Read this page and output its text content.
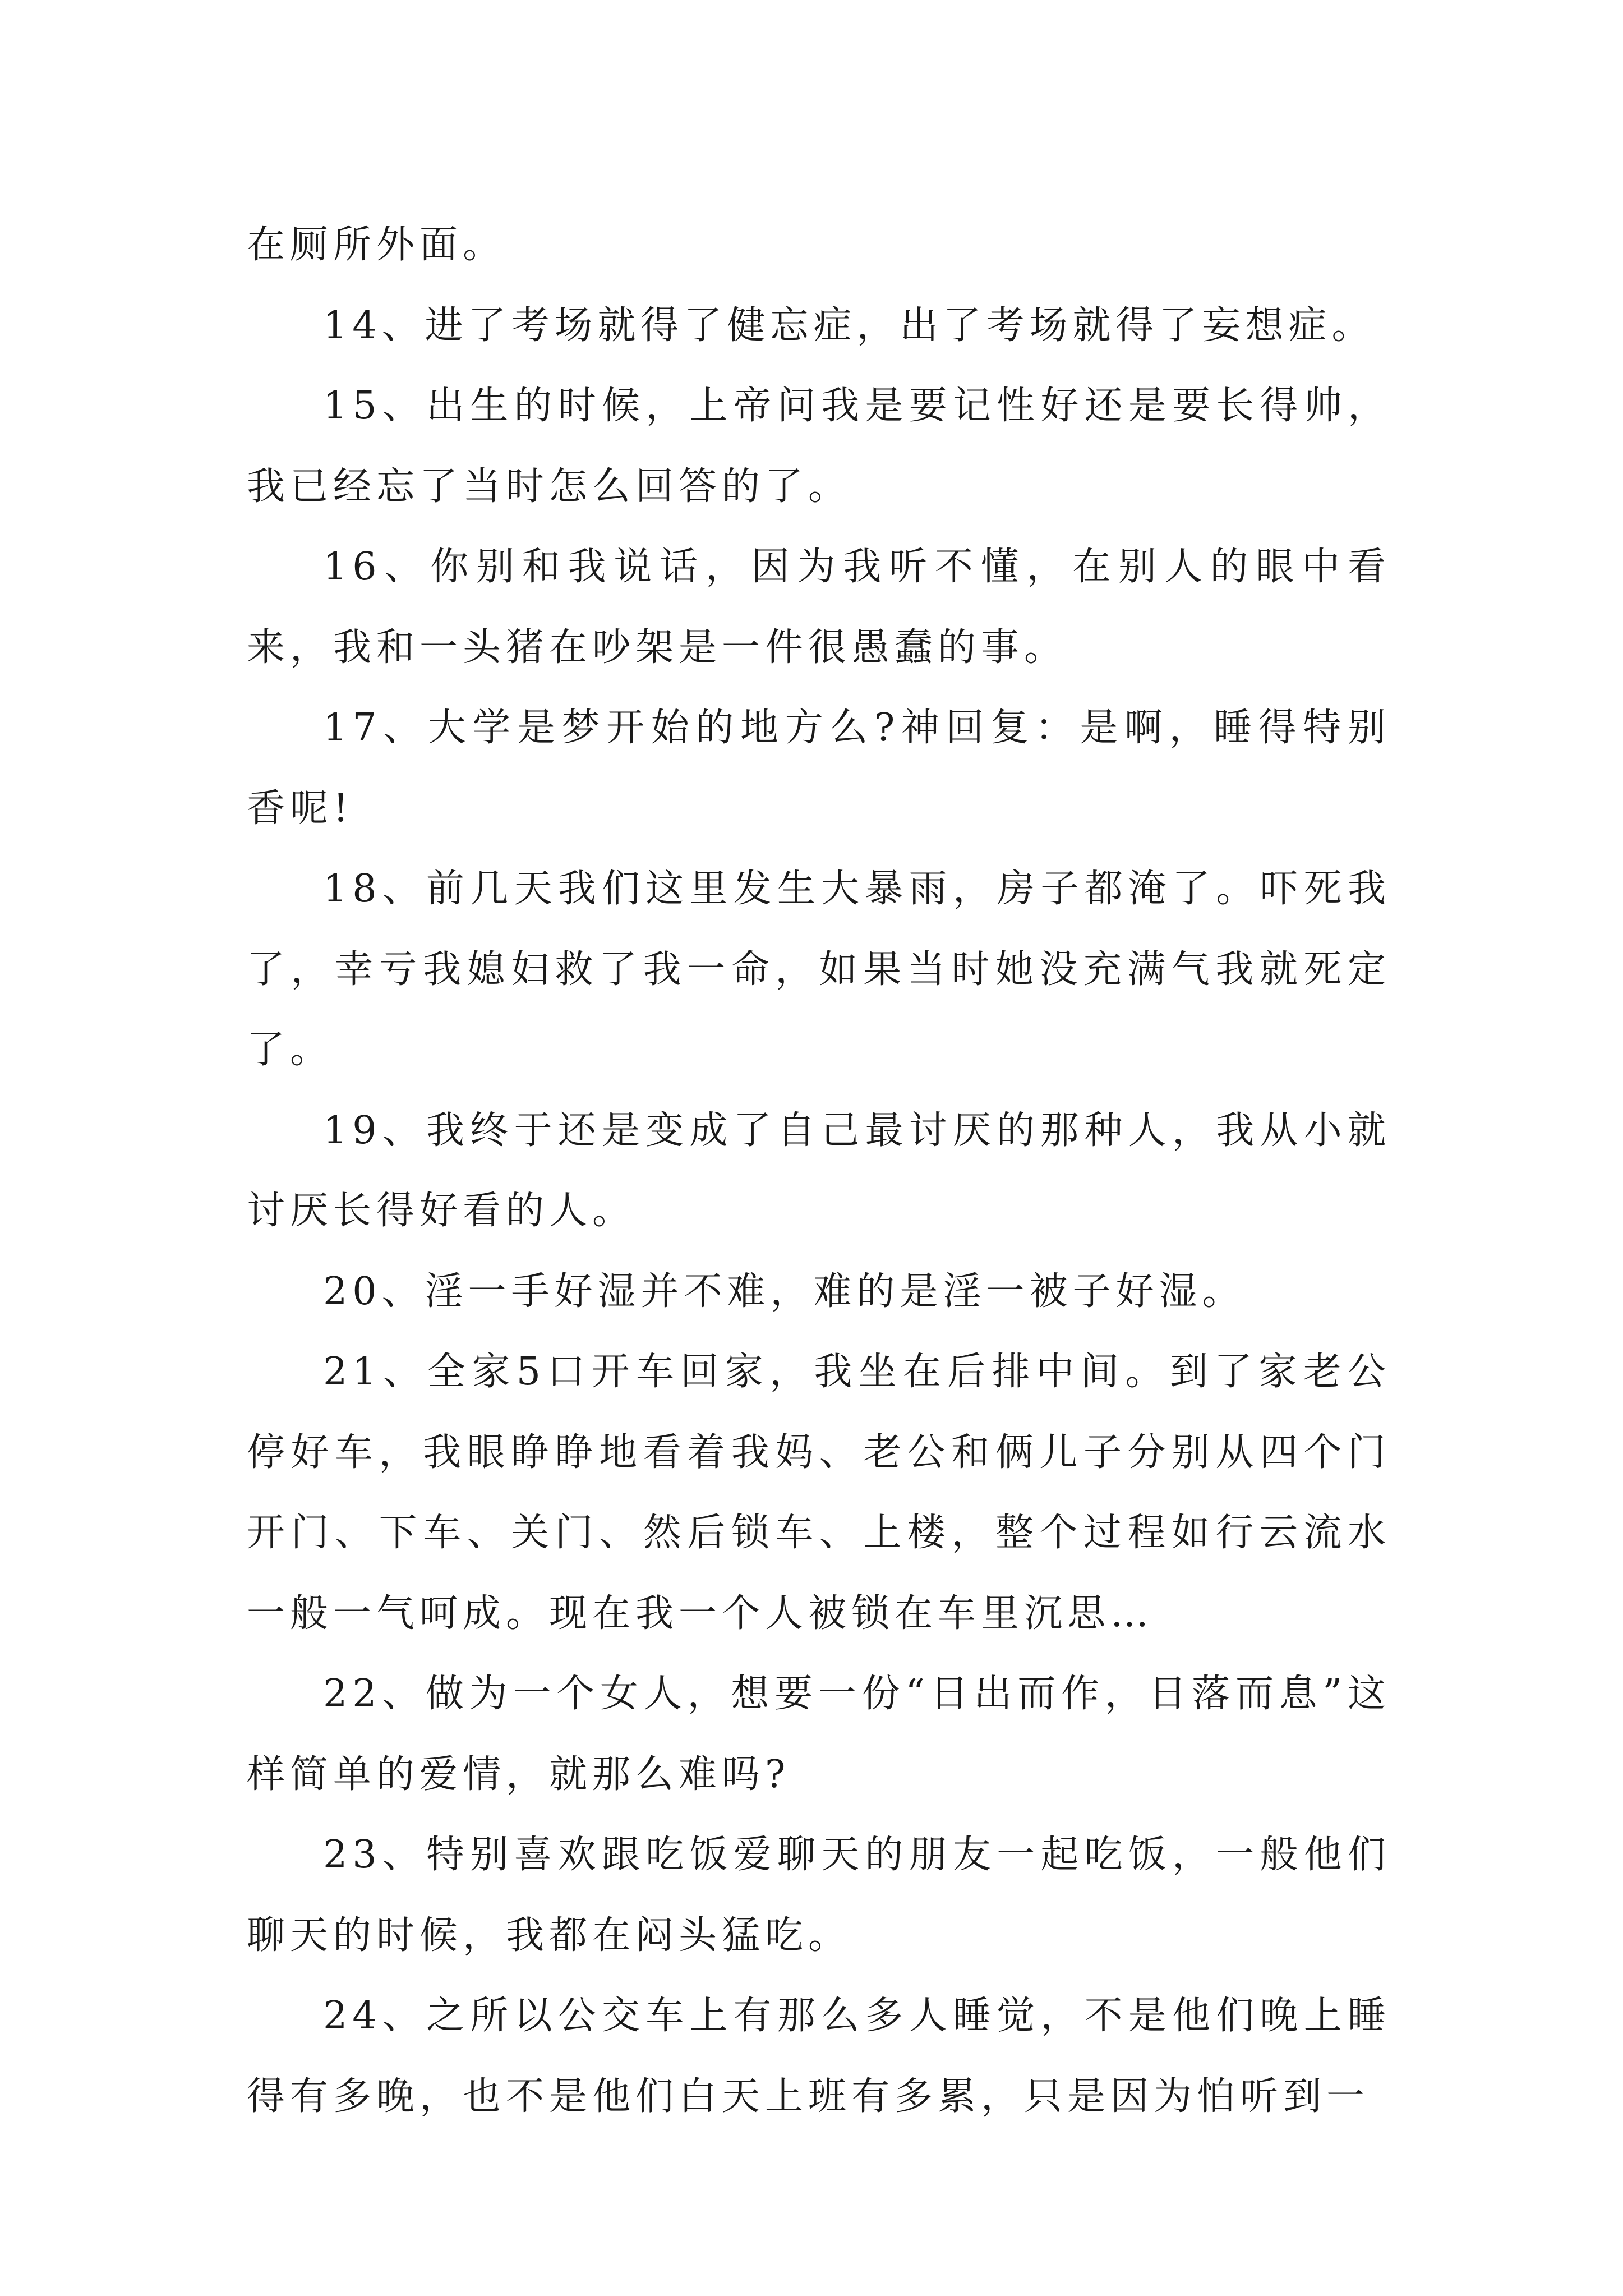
在厕所外面。

14、进了考场就得了健忘症，出了考场就得了妄想症。

15、出生的时候，上帝问我是要记性好还是要长得帅，我已经忘了当时怎么回答的了。

16、你别和我说话，因为我听不懂，在别人的眼中看来，我和一头猪在吵架是一件很愚蠢的事。

17、大学是梦开始的地方么?神回复：是啊，睡得特别香呢!

18、前几天我们这里发生大暴雨，房子都淹了。吓死我了，幸亏我媳妇救了我一命，如果当时她没充满气我就死定了。

19、我终于还是变成了自己最讨厌的那种人，我从小就讨厌长得好看的人。

20、淫一手好湿并不难，难的是淫一被子好湿。

21、全家5口开车回家，我坐在后排中间。到了家老公停好车，我眼睁睁地看着我妈、老公和俩儿子分别从四个门开门、下车、关门、然后锁车、上楼，整个过程如行云流水一般一气呵成。现在我一个人被锁在车里沉思…

22、做为一个女人，想要一份“日出而作，日落而息”这样简单的爱情，就那么难吗?

23、特别喜欢跟吃饭爱聊天的朋友一起吃饭，一般他们聊天的时候，我都在闷头猛吃。

24、之所以公交车上有那么多人睡觉，不是他们晚上睡得有多晚，也不是他们白天上班有多累，只是因为怕听到一
